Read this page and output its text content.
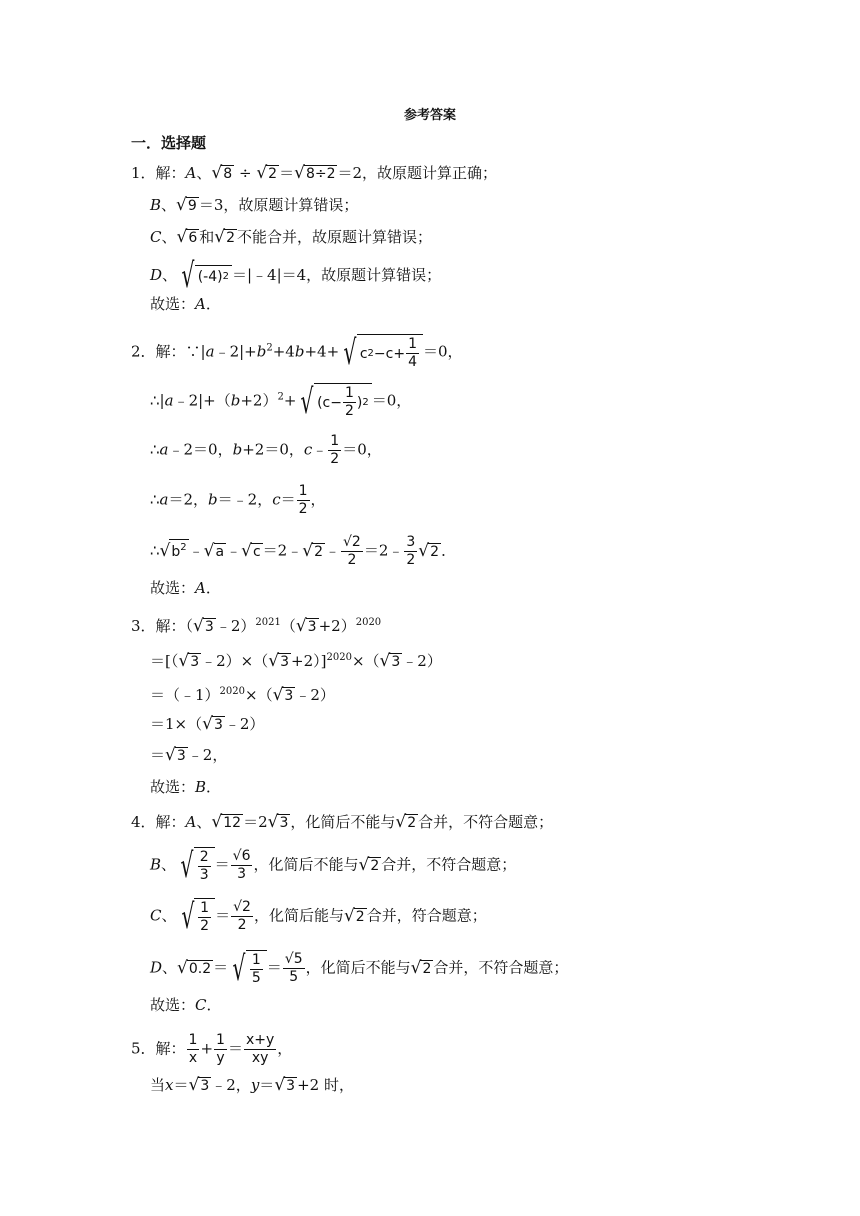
参考答案
一．选择题
1．解：A、√8 ÷ √2 ＝√8÷2 ＝2，故原题计算正确；
B、√9 ＝3，故原题计算错误；
C、√6 和√2 不能合并，故原题计算错误；
D、 √ (-4) 2 ＝|﹣4|＝4，故原题计算错误；
故选：A．
2．解：$\because|a﹣2|+b^2+4b+4+$ √ c $2 -c+ \frac{1}{4} =0$，
$\therefore|a﹣2|+(b+2)^2+$ √ ($c- \frac{1}{2}$ ) 2 ＝0，
∴a﹣2＝0，b+2＝0，c﹣ $\frac{1}{2} =0$，
∴a＝2，b＝﹣2，$c= \frac{1}{2}$ ，
$\therefore√b^2$ ﹣√a ﹣√c ＝2﹣√2 ﹣ $\frac{√2}{2}$ ＝2﹣ $\frac{3}{2} √2$ ．
故选：A．
3．解：（√3 ﹣2）$^{2021}$（√3 +2）$^{2020}$
＝[（√3 ﹣2）×（√3 +2）]$^{2020}$×（√3 ﹣2）
＝（﹣1）$^{2020}$×（√3 ﹣2）
＝1×（√3 ﹣2）
＝√3 ﹣2，
故选：B．
4．解：A、√12 ＝2√3 ，化简后不能与√2 合并，不符合题意；
B、 √ $\frac{2}{3} = \frac{√6}{3}$ ，化简后不能与√2 合并，不符合题意；
C、 √ $\frac{1}{2} = \frac{√2}{2}$ ，化简后能与√2 合并，符合题意；
D、√0.2 ＝ √ $\frac{1}{5} = \frac{√5}{5}$ ，化简后不能与√2 合并，不符合题意；
故选：C．
5．解： $\frac{1}{x} + \frac{1}{y} = \frac{x+y}{xy}$ ，
当x＝√3 ﹣2，y＝√3 +2 时，
